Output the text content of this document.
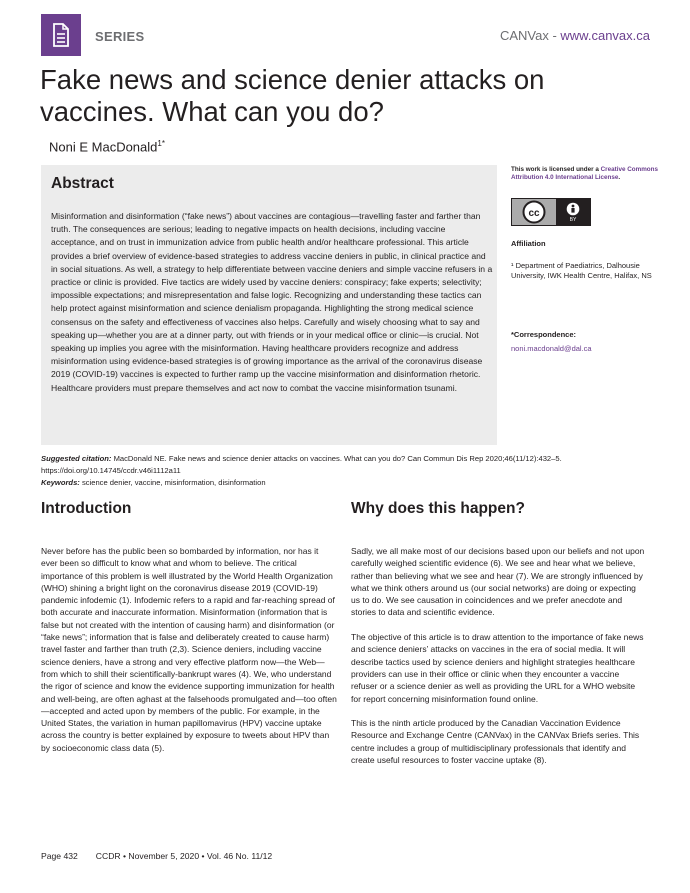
SERIES	CANVax - www.canvax.ca
Fake news and science denier attacks on vaccines. What can you do?
Noni E MacDonald$^{1*}$
Abstract
Misinformation and disinformation (“fake news”) about vaccines are contagious—travelling faster and farther than truth. The consequences are serious; leading to negative impacts on health decisions, including vaccine acceptance, and on trust in immunization advice from public health and/or healthcare professional. This article provides a brief overview of evidence-based strategies to address vaccine deniers in public, in clinical practice and in social situations. As well, a strategy to help differentiate between vaccine deniers and simple vaccine refusers in a practice or clinic is provided. Five tactics are widely used by vaccine deniers: conspiracy; fake experts; selectivity; impossible expectations; and misrepresentation and false logic. Recognizing and understanding these tactics can help protect against misinformation and science denialism propaganda. Highlighting the strong medical science consensus on the safety and effectiveness of vaccines also helps. Carefully and wisely choosing what to say and speaking up—whether you are at a dinner party, out with friends or in your medical office or clinic—is crucial. Not speaking up implies you agree with the misinformation. Having healthcare providers recognize and address misinformation using evidence-based strategies is of growing importance as the arrival of the coronavirus disease 2019 (COVID-19) vaccines is expected to further ramp up the vaccine misinformation and disinformation rhetoric. Healthcare providers must prepare themselves and act now to combat the vaccine misinformation tsunami.
This work is licensed under a Creative Commons Attribution 4.0 International License.
cc
BY
Affiliation
¹ Department of Paediatrics, Dalhousie University, IWK Health Centre, Halifax, NS
*Correspondence:
noni.macdonald@dal.ca
Suggested citation: MacDonald NE. Fake news and science denier attacks on vaccines. What can you do? Can Commun Dis Rep 2020;46(11/12):432–5. https://doi.org/10.14745/ccdr.v46i1112a11
Keywords: science denier, vaccine, misinformation, disinformation
Introduction

Never before has the public been so bombarded by information, nor has it ever been so difficult to know what and whom to believe. The critical importance of this problem is well illustrated by the World Health Organization (WHO) shining a bright light on the coronavirus disease 2019 (COVID-19) pandemic infodemic (1). Infodemic refers to a rapid and far-reaching spread of both accurate and inaccurate information. Misinformation (information that is false but not created with the intention of causing harm) and disinformation (or “fake news”; information that is false and deliberately created to cause harm) travel faster and farther than truth (2,3). Science deniers, including vaccine science deniers, have a strong and very effective platform now—the Web—from which to shill their scientifically-bankrupt wares (4). We, who understand the rigor of science and know the evidence supporting immunization for health and well-being, are often aghast at the falsehoods promulgated and—too often—accepted and acted upon by members of the public. For example, in the United States, the variation in human papillomavirus (HPV) vaccine uptake across the country is better explained by exposure to tweets about HPV than by socioeconomic class data (5).

Why does this happen?

Sadly, we all make most of our decisions based upon our beliefs and not upon carefully weighed scientific evidence (6). We see and hear what we believe, rather than believing what we see and hear (7). We are strongly influenced by what we think others around us (our social networks) are doing or expecting us to do. We see causation in coincidences and we prefer anecdote and stories to data and scientific evidence.

The objective of this article is to draw attention to the importance of fake news and science deniers’ attacks on vaccines in the era of social media. It will describe tactics used by science deniers and highlight strategies healthcare providers can use in their office or clinic when they encounter a vaccine refuser or a science denier as well as providing the URL for a WHO website for report concerning misinformation found online.

This is the ninth article produced by the Canadian Vaccination Evidence Resource and Exchange Centre (CANVax) in the CANVax Briefs series. This centre includes a group of multidisciplinary professionals that identify and create useful resources to foster vaccine uptake (8).

Page 432 CCDR • November 5, 2020 • Vol. 46 No. 11/12
